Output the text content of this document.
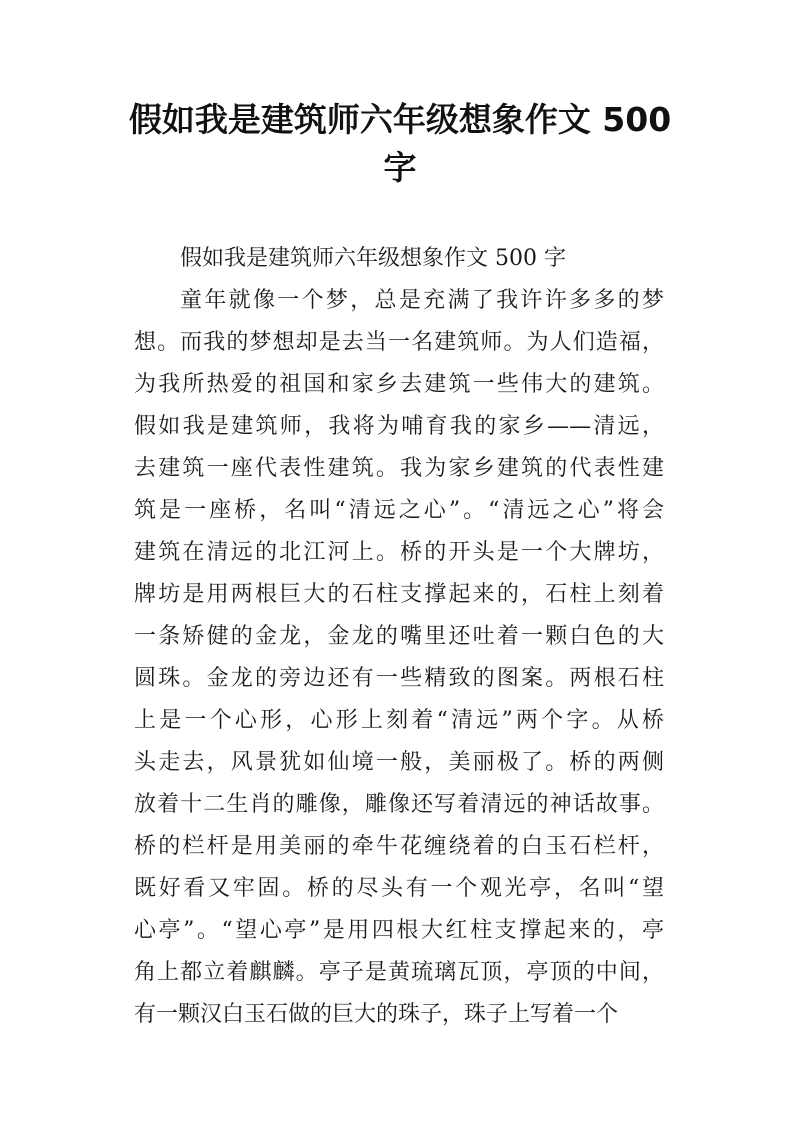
假如我是建筑师六年级想象作文 500
字
假如我是建筑师六年级想象作文 500 字
童年就像一个梦，总是充满了我许许多多的梦
想。而我的梦想却是去当一名建筑师。为人们造福，
为我所热爱的祖国和家乡去建筑一些伟大的建筑。
假如我是建筑师，我将为哺育我的家乡——清远，
去建筑一座代表性建筑。我为家乡建筑的代表性建
筑是一座桥，名叫“清远之心”。“清远之心”将会
建筑在清远的北江河上。桥的开头是一个大牌坊，
牌坊是用两根巨大的石柱支撑起来的，石柱上刻着
一条矫健的金龙，金龙的嘴里还吐着一颗白色的大
圆珠。金龙的旁边还有一些精致的图案。两根石柱
上是一个心形，心形上刻着“清远”两个字。从桥
头走去，风景犹如仙境一般，美丽极了。桥的两侧
放着十二生肖的雕像，雕像还写着清远的神话故事。
桥的栏杆是用美丽的牵牛花缠绕着的白玉石栏杆，
既好看又牢固。桥的尽头有一个观光亭，名叫“望
心亭”。“望心亭”是用四根大红柱支撑起来的，亭
角上都立着麒麟。亭子是黄琉璃瓦顶，亭顶的中间，
有一颗汉白玉石做的巨大的珠子，珠子上写着一个
